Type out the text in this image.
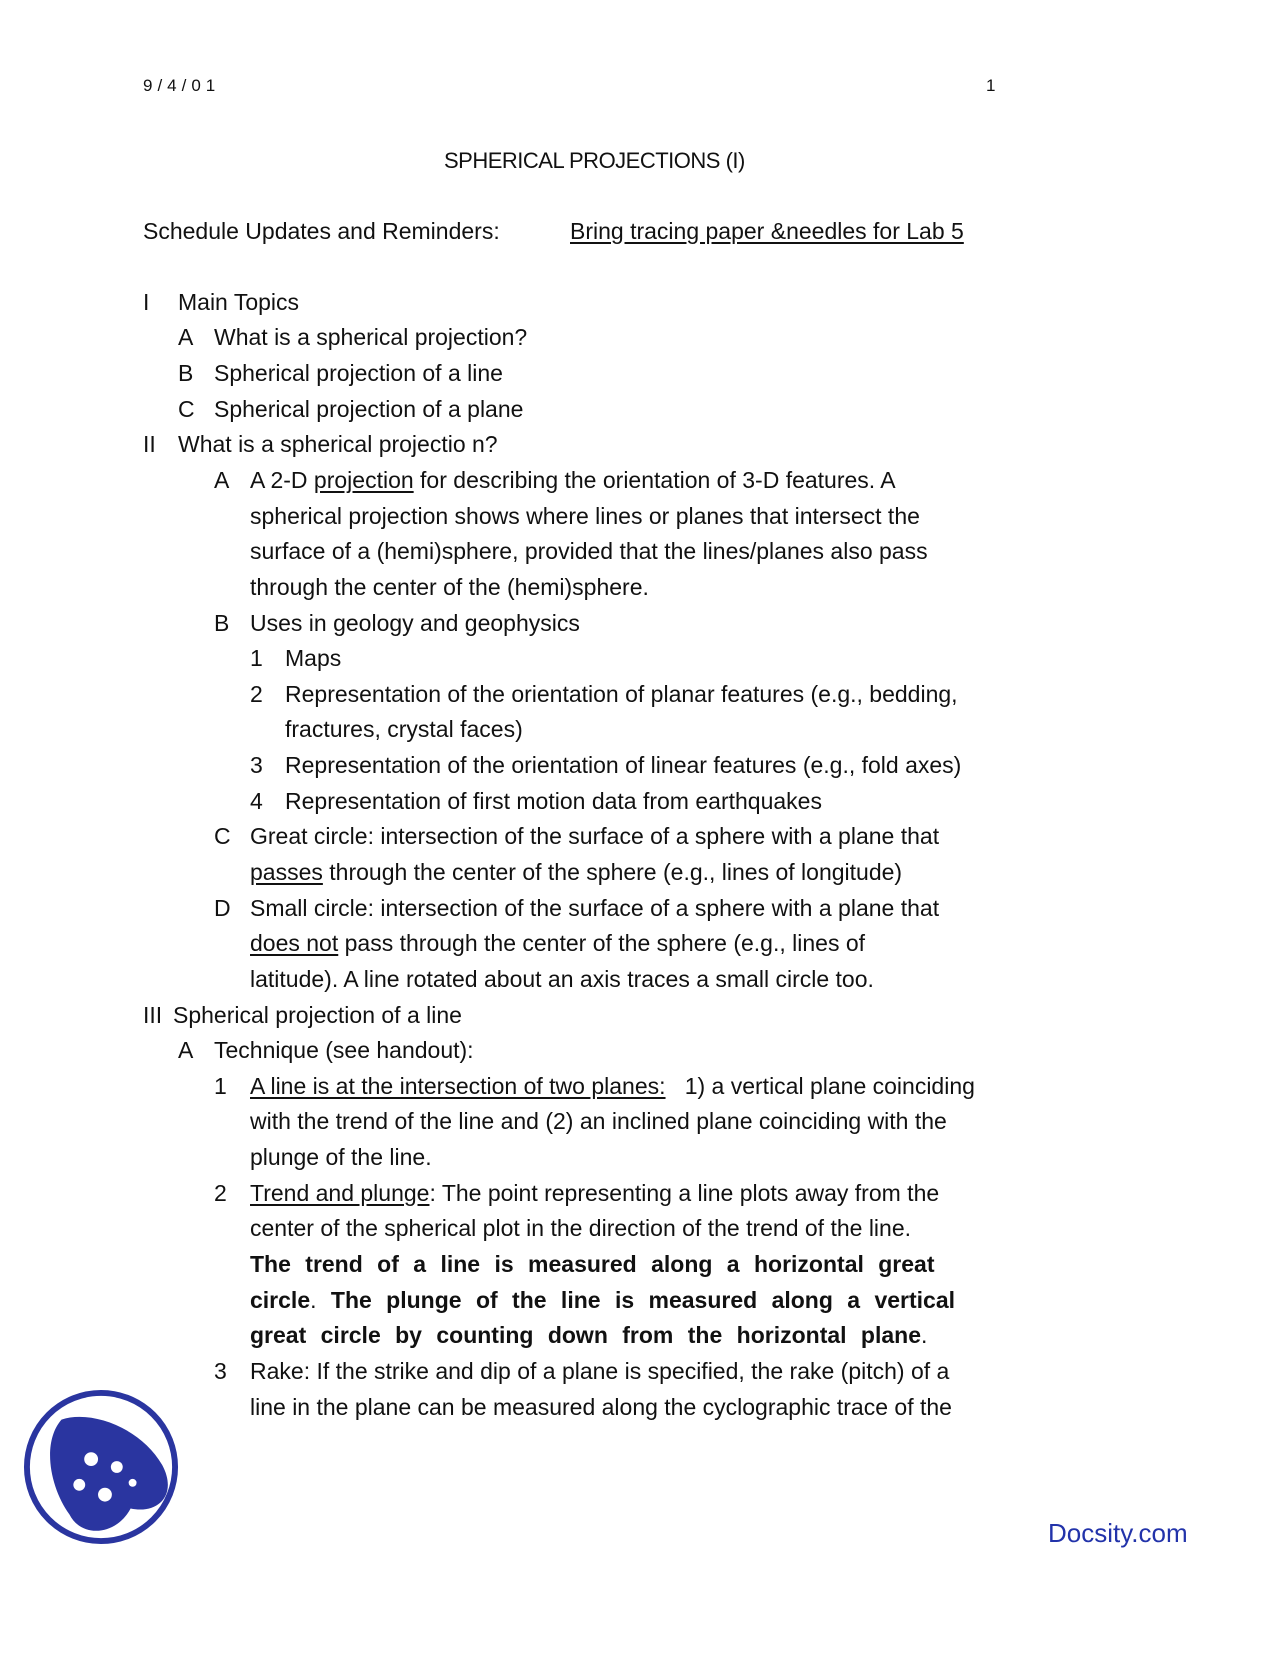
9/4/01	1
SPHERICAL PROJECTIONS (I)
Schedule Updates and Reminders:	Bring tracing paper &needles for Lab 5
I Main Topics
A What is a spherical projection?
B Spherical projection of a line
C Spherical projection of a plane
II What is a spherical projectio n?
A A 2-D projection for describing the orientation of 3-D features. A
spherical projection shows where lines or planes that intersect the
surface of a (hemi)sphere, provided that the lines/planes also pass
through the center of the (hemi)sphere.
B Uses in geology and geophysics
1 Maps
2 Representation of the orientation of planar features (e.g., bedding,
fractures, crystal faces)
3 Representation of the orientation of linear features (e.g., fold axes)
4 Representation of first motion data from earthquakes
C Great circle: intersection of the surface of a sphere with a plane that
passes through the center of the sphere (e.g., lines of longitude)
D Small circle: intersection of the surface of a sphere with a plane that
does not pass through the center of the sphere (e.g., lines of
latitude). A line rotated about an axis traces a small circle too.
III Spherical projection of a line
A Technique (see handout):
1 A line is at the intersection of two planes: 1) a vertical plane coinciding
with the trend of the line and (2) an inclined plane coinciding with the
plunge of the line.
2 Trend and plunge: The point representing a line plots away from the
center of the spherical plot in the direction of the trend of the line.
The trend of a line is measured along a horizontal great
circle. The plunge of the line is measured along a vertical
great circle by counting down from the horizontal plane.
3 Rake: If the strike and dip of a plane is specified, the rake (pitch) of a
line in the plane can be measured along the cyclographic trace of the
Docsity.com
